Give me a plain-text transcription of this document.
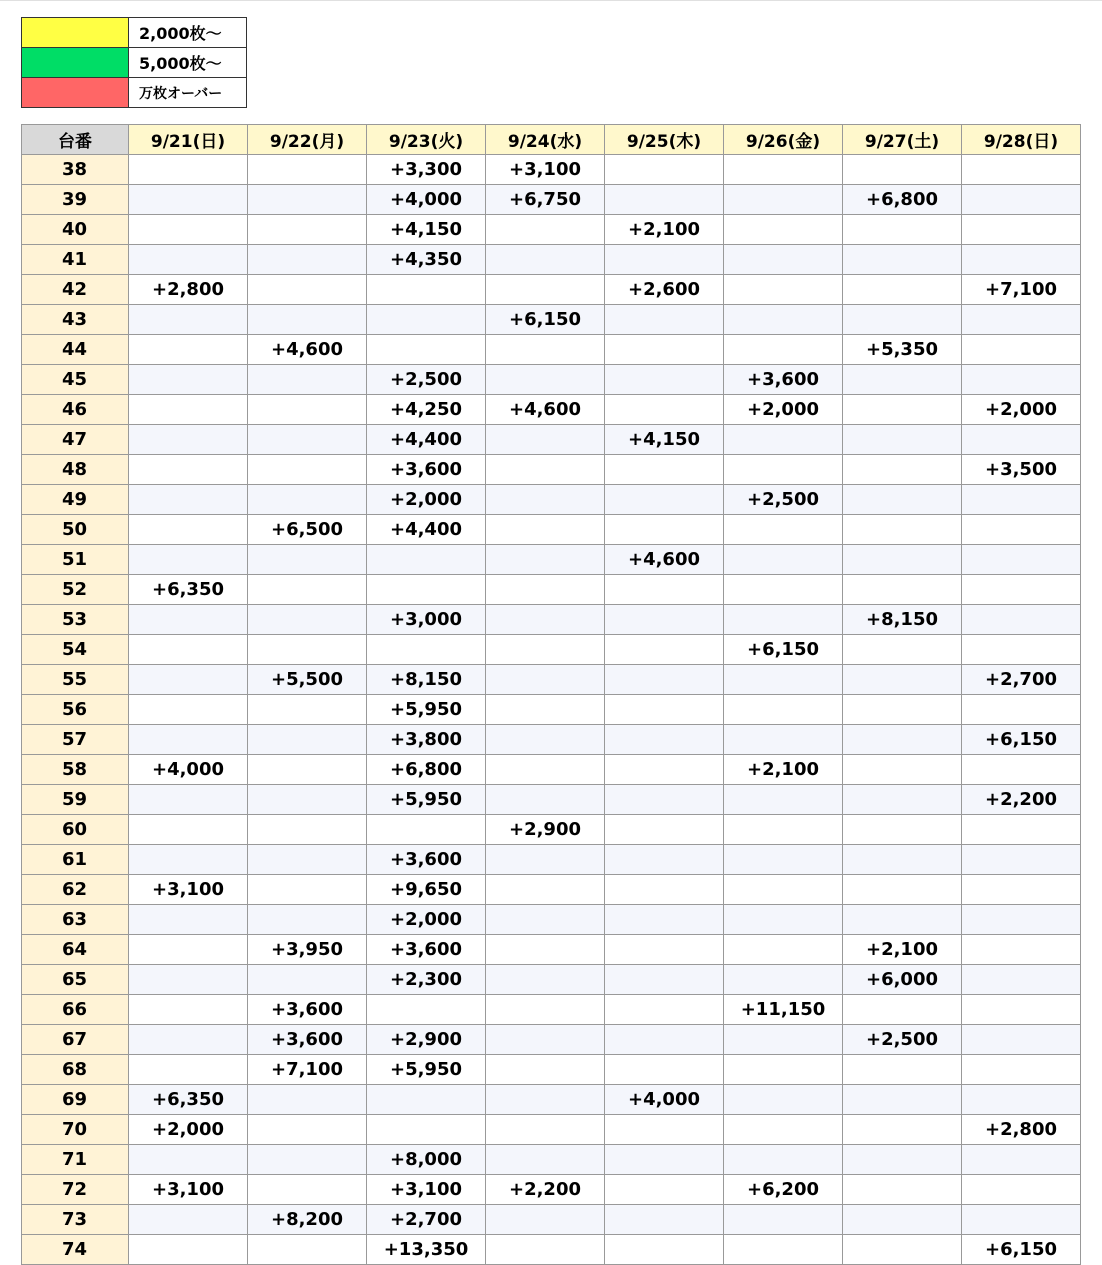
	2,000枚～
	5,000枚～
	万枚オーバー
台番	9/21(日)	9/22(月)	9/23(火)	9/24(水)	9/25(木)	9/26(金)	9/27(土)	9/28(日)
38			+3,300	+3,100				
39			+4,000	+6,750			+6,800	
40			+4,150		+2,100			
41			+4,350					
42	+2,800				+2,600			+7,100
43				+6,150				
44		+4,600					+5,350	
45			+2,500			+3,600		
46			+4,250	+4,600		+2,000		+2,000
47			+4,400		+4,150			
48			+3,600					+3,500
49			+2,000			+2,500		
50		+6,500	+4,400					
51					+4,600			
52	+6,350							
53			+3,000				+8,150	
54						+6,150		
55		+5,500	+8,150					+2,700
56			+5,950					
57			+3,800					+6,150
58	+4,000		+6,800			+2,100		
59			+5,950					+2,200
60				+2,900				
61			+3,600					
62	+3,100		+9,650					
63			+2,000					
64		+3,950	+3,600				+2,100	
65			+2,300				+6,000	
66		+3,600				+11,150		
67		+3,600	+2,900				+2,500	
68		+7,100	+5,950					
69	+6,350				+4,000			
70	+2,000							+2,800
71			+8,000					
72	+3,100		+3,100	+2,200		+6,200		
73		+8,200	+2,700					
74			+13,350					+6,150
